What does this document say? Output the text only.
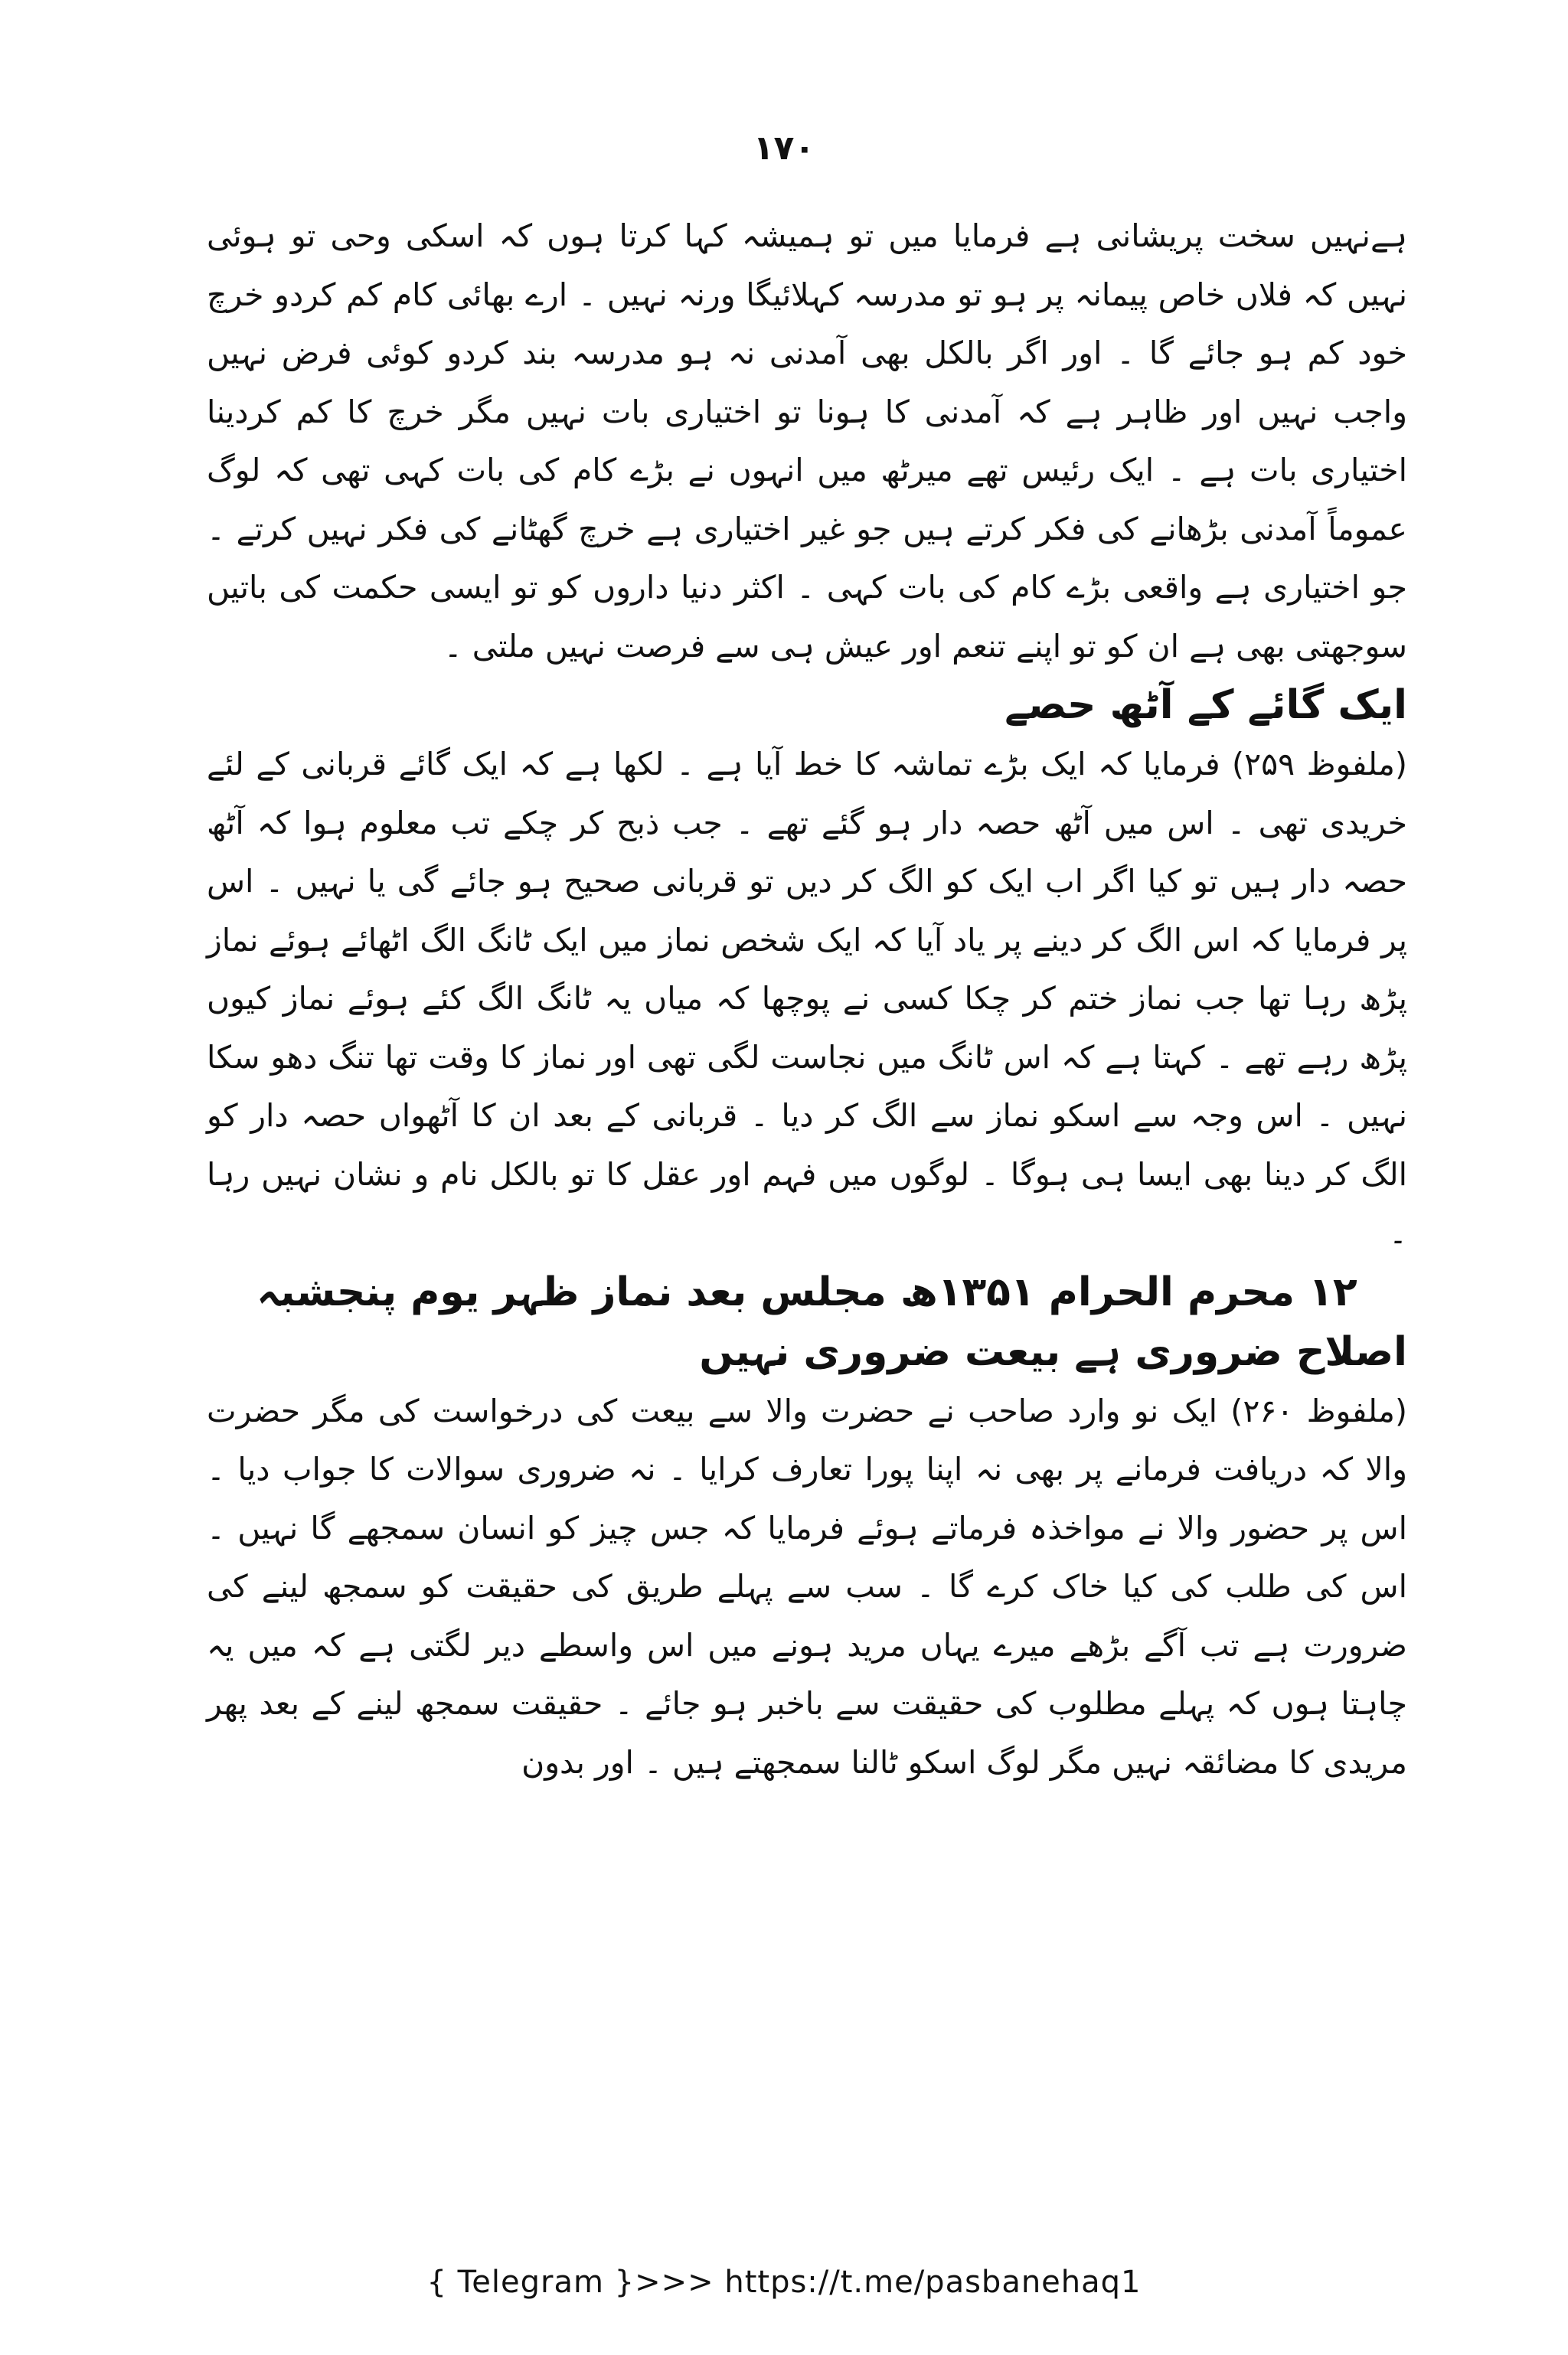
۱۷۰

ہےنہیں سخت پریشانی ہے فرمایا میں تو ہمیشہ کہا کرتا ہوں کہ اسکی وحی تو ہوئی نہیں کہ فلاں خاص پیمانہ پر ہو تو مدرسہ کہلائیگا ورنہ نہیں ۔ ارے بھائی کام کم کردو خرچ خود کم ہو جائے گا ۔ اور اگر بالکل بھی آمدنی نہ ہو مدرسہ بند کردو کوئی فرض نہیں واجب نہیں اور ظاہر ہے کہ آمدنی کا ہونا تو اختیاری بات نہیں مگر خرچ کا کم کردینا اختیاری بات ہے ۔ ایک رئیس تھے میرٹھ میں انہوں نے بڑے کام کی بات کہی تھی کہ لوگ عموماً آمدنی بڑھانے کی فکر کرتے ہیں جو غیر اختیاری ہے خرچ گھٹانے کی فکر نہیں کرتے ۔ جو اختیاری ہے واقعی بڑے کام کی بات کہی ۔ اکثر دنیا داروں کو تو ایسی حکمت کی باتیں سوجھتی بھی ہے ان کو تو اپنے تنعم اور عیش ہی سے فرصت نہیں ملتی ۔

ایک گائے کے آٹھ حصے

(ملفوظ ۲۵۹) فرمایا کہ ایک بڑے تماشہ کا خط آیا ہے ۔ لکھا ہے کہ ایک گائے قربانی کے لئے خریدی تھی ۔ اس میں آٹھ حصہ دار ہو گئے تھے ۔ جب ذبح کر چکے تب معلوم ہوا کہ آٹھ حصہ دار ہیں تو کیا اگر اب ایک کو الگ کر دیں تو قربانی صحیح ہو جائے گی یا نہیں ۔ اس پر فرمایا کہ اس الگ کر دینے پر یاد آیا کہ ایک شخص نماز میں ایک ٹانگ الگ اٹھائے ہوئے نماز پڑھ رہا تھا جب نماز ختم کر چکا کسی نے پوچھا کہ میاں یہ ٹانگ الگ کئے ہوئے نماز کیوں پڑھ رہے تھے ۔ کہتا ہے کہ اس ٹانگ میں نجاست لگی تھی اور نماز کا وقت تھا تنگ دھو سکا نہیں ۔ اس وجہ سے اسکو نماز سے الگ کر دیا ۔ قربانی کے بعد ان کا آٹھواں حصہ دار کو الگ کر دینا بھی ایسا ہی ہوگا ۔ لوگوں میں فہم اور عقل کا تو بالکل نام و نشان نہیں رہا ۔

۱۲ محرم الحرام ۱۳۵۱ھ مجلس بعد نماز ظہر یوم پنجشبہ
اصلاح ضروری ہے بیعت ضروری نہیں

(ملفوظ ۲۶۰) ایک نو وارد صاحب نے حضرت والا سے بیعت کی درخواست کی مگر حضرت والا کہ دریافت فرمانے پر بھی نہ اپنا پورا تعارف کرایا ۔ نہ ضروری سوالات کا جواب دیا ۔ اس پر حضور والا نے مواخذہ فرماتے ہوئے فرمایا کہ جس چیز کو انسان سمجھے گا نہیں ۔ اس کی طلب کی کیا خاک کرے گا ۔ سب سے پہلے طریق کی حقیقت کو سمجھ لینے کی ضرورت ہے تب آگے بڑھے میرے یہاں مرید ہونے میں اس واسطے دیر لگتی ہے کہ میں یہ چاہتا ہوں کہ پہلے مطلوب کی حقیقت سے باخبر ہو جائے ۔ حقیقت سمجھ لینے کے بعد پھر مریدی کا مضائقہ نہیں مگر لوگ اسکو ٹالنا سمجھتے ہیں ۔ اور بدون

{ Telegram }>>> https://t.me/pasbanehaq1
